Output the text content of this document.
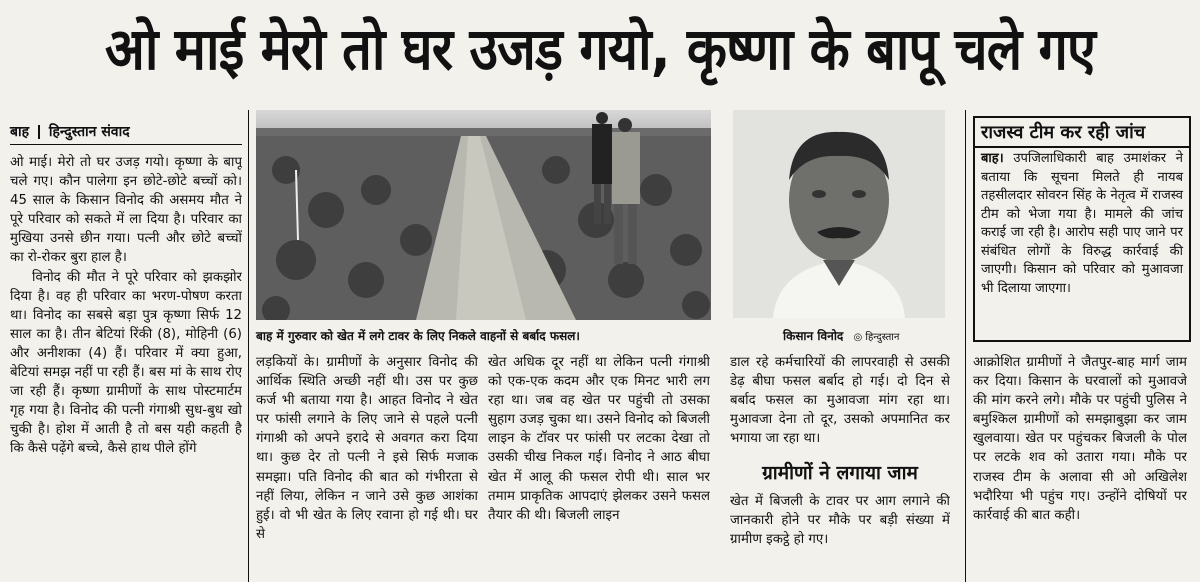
ओ माई मेरो तो घर उजड़ गयो, कृष्णा के बापू चले गए
बाह हिन्दुस्तान संवाद

ओ माई। मेरो तो घर उजड़ गयो। कृष्णा के बापू चले गए। कौन पालेगा इन छोटे-छोटे बच्चों को। 45 साल के किसान विनोद की असमय मौत ने पूरे परिवार को सकते में ला दिया है। परिवार का मुखिया उनसे छीन गया। पत्नी और छोटे बच्चों का रो-रोकर बुरा हाल है।

विनोद की मौत ने पूरे परिवार को झकझोर दिया है। वह ही परिवार का भरण-पोषण करता था। विनोद का सबसे बड़ा पुत्र कृष्णा सिर्फ 12 साल का है। तीन बेटियां रिंकी (8), मोहिनी (6) और अनीशका (4) हैं। परिवार में क्या हुआ, बेटियां समझ नहीं पा रही हैं। बस मां के साथ रोए जा रही हैं। कृष्णा ग्रामीणों के साथ पोस्टमार्टम गृह गया है। विनोद की पत्नी गंगाश्री सुध-बुध खो चुकी है। होश में आती है तो बस यही कहती है कि कैसे पढ़ेंगे बच्चे, कैसे हाथ पीले होंगे

बाह में गुरुवार को खेत में लगे टावर के लिए निकले वाहनों से बर्बाद फसल।	किसान विनोद ◎ हिन्दुस्तान

लड़कियों के। ग्रामीणों के अनुसार विनोद की आर्थिक स्थिति अच्छी नहीं थी। उस पर कुछ कर्ज भी बताया गया है। आहत विनोद ने खेत पर फांसी लगाने के लिए जाने से पहले पत्नी गंगाश्री को अपने इरादे से अवगत करा दिया था। कुछ देर तो पत्नी ने इसे सिर्फ मजाक समझा। पति विनोद की बात को गंभीरता से नहीं लिया, लेकिन न जाने उसे कुछ आशंका हुई। वो भी खेत के लिए रवाना हो गई थी। घर से

खेत अधिक दूर नहीं था लेकिन पत्नी गंगाश्री को एक-एक कदम और एक मिनट भारी लग रहा था। जब वह खेत पर पहुंची तो उसका सुहाग उजड़ चुका था। उसने विनोद को बिजली लाइन के टॉवर पर फांसी पर लटका देखा तो उसकी चीख निकल गई। विनोद ने आठ बीघा खेत में आलू की फसल रोपी थी। साल भर तमाम प्राकृतिक आपदाएं झेलकर उसने फसल तैयार की थी। बिजली लाइन

डाल रहे कर्मचारियों की लापरवाही से उसकी डेढ़ बीघा फसल बर्बाद हो गई। दो दिन से बर्बाद फसल का मुआवजा मांग रहा था। मुआवजा देना तो दूर, उसको अपमानित कर भगाया जा रहा था।

ग्रामीणों ने लगाया जाम

खेत में बिजली के टावर पर आग लगाने की जानकारी होने पर मौके पर बड़ी संख्या में ग्रामीण इकट्ठे हो गए।

राजस्व टीम कर रही जांच
बाह। उपजिलाधिकारी बाह उमाशंकर ने बताया कि सूचना मिलते ही नायब तहसीलदार सोवरन सिंह के नेतृत्व में राजस्व टीम को भेजा गया है। मामले की जांच कराई जा रही है। आरोप सही पाए जाने पर संबंधित लोगों के विरुद्ध कार्रवाई की जाएगी। किसान को परिवार को मुआवजा भी दिलाया जाएगा।

आक्रोशित ग्रामीणों ने जैतपुर-बाह मार्ग जाम कर दिया। किसान के घरवालों को मुआवजे की मांग करने लगे। मौके पर पहुंची पुलिस ने बमुश्किल ग्रामीणों को समझाबुझा कर जाम खुलवाया। खेत पर पहुंचकर बिजली के पोल पर लटके शव को उतारा गया। मौके पर राजस्व टीम के अलावा सी ओ अखिलेश भदौरिया भी पहुंच गए। उन्होंने दोषियों पर कार्रवाई की बात कही।
